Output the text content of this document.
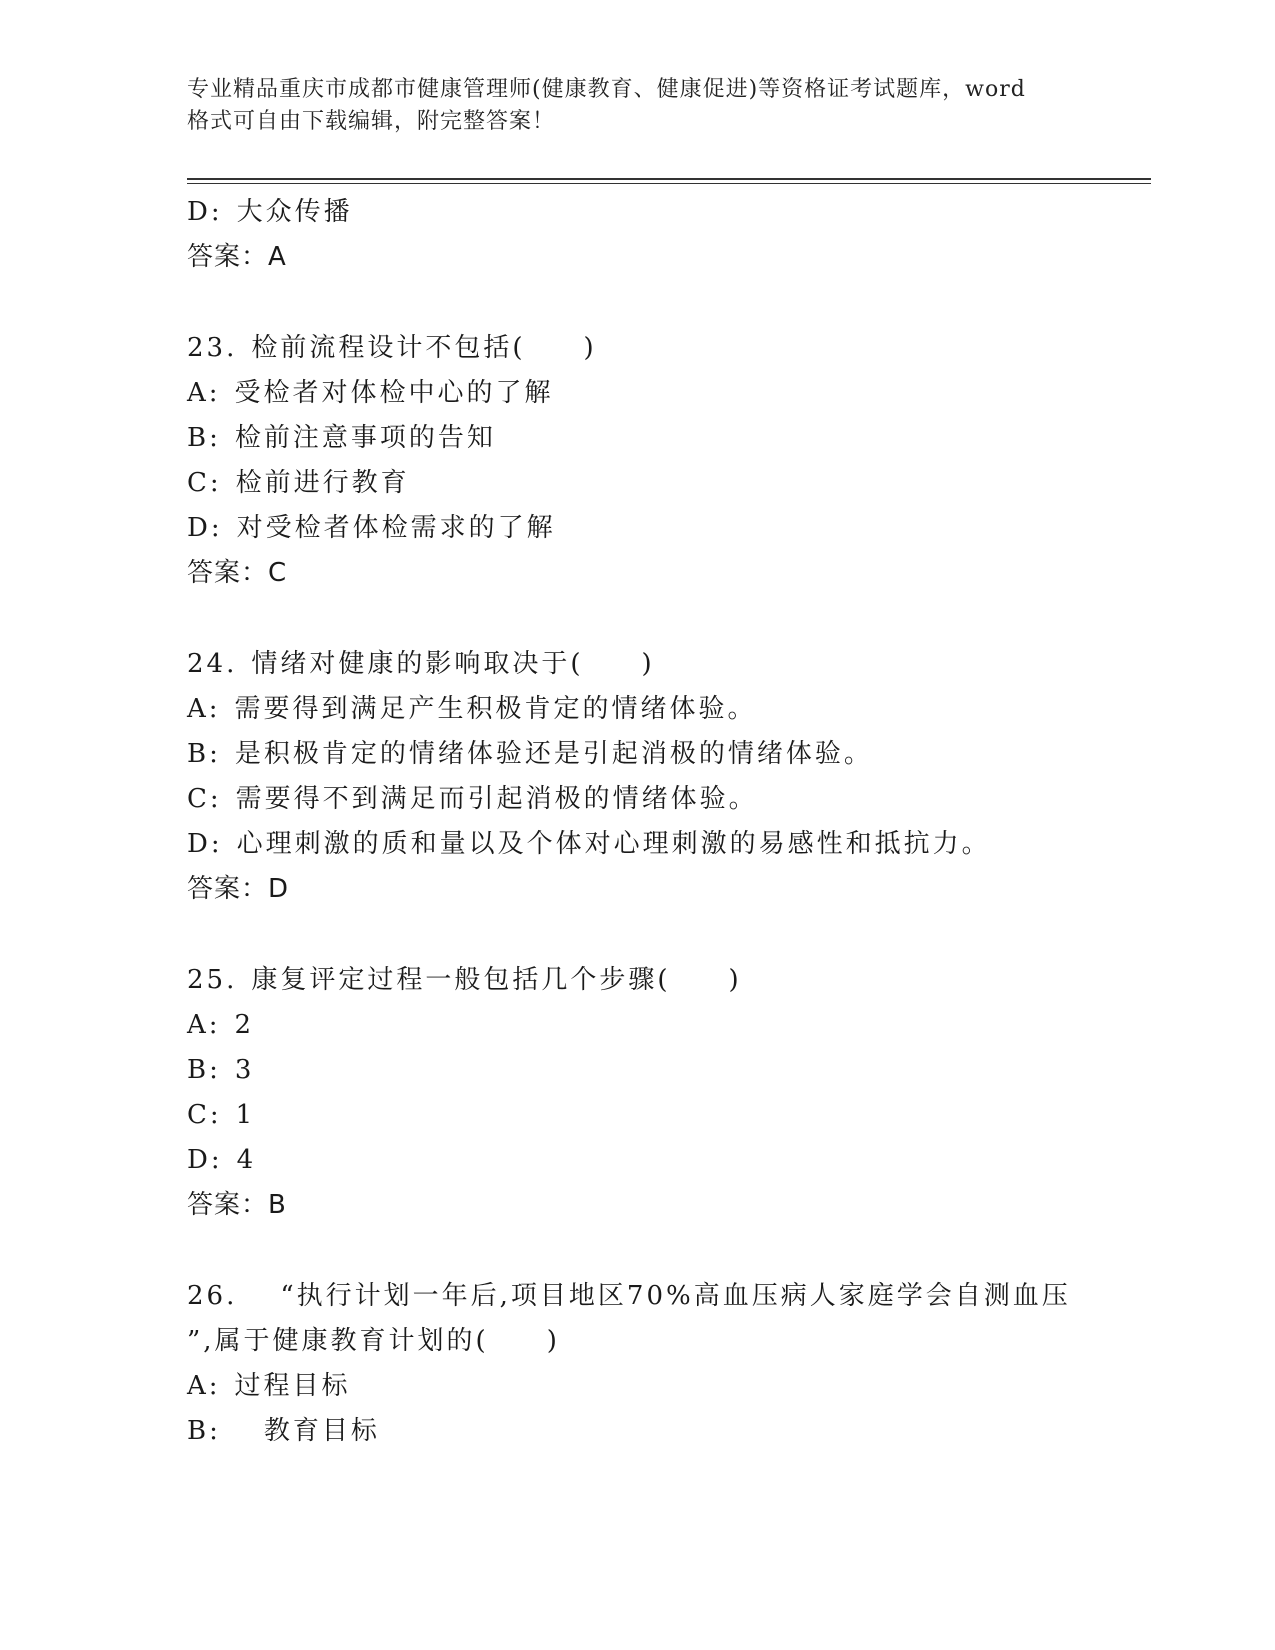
专业精品重庆市成都市健康管理师(健康教育、健康促进)等资格证考试题库，word
格式可自由下载编辑，附完整答案！
D: 大众传播
答案：A
23. 检前流程设计不包括(　　)
A: 受检者对体检中心的了解
B: 检前注意事项的告知
C: 检前进行教育
D: 对受检者体检需求的了解
答案：C
24. 情绪对健康的影响取决于(　　)
A: 需要得到满足产生积极肯定的情绪体验。
B: 是积极肯定的情绪体验还是引起消极的情绪体验。
C: 需要得不到满足而引起消极的情绪体验。
D: 心理刺激的质和量以及个体对心理刺激的易感性和抵抗力。
答案：D
25. 康复评定过程一般包括几个步骤(　　)
A: 2
B: 3
C: 1
D: 4
答案：B
26.　“执行计划一年后,项目地区70%高血压病人家庭学会自测血压
”,属于健康教育计划的(　　)
A: 过程目标
B:　教育目标
